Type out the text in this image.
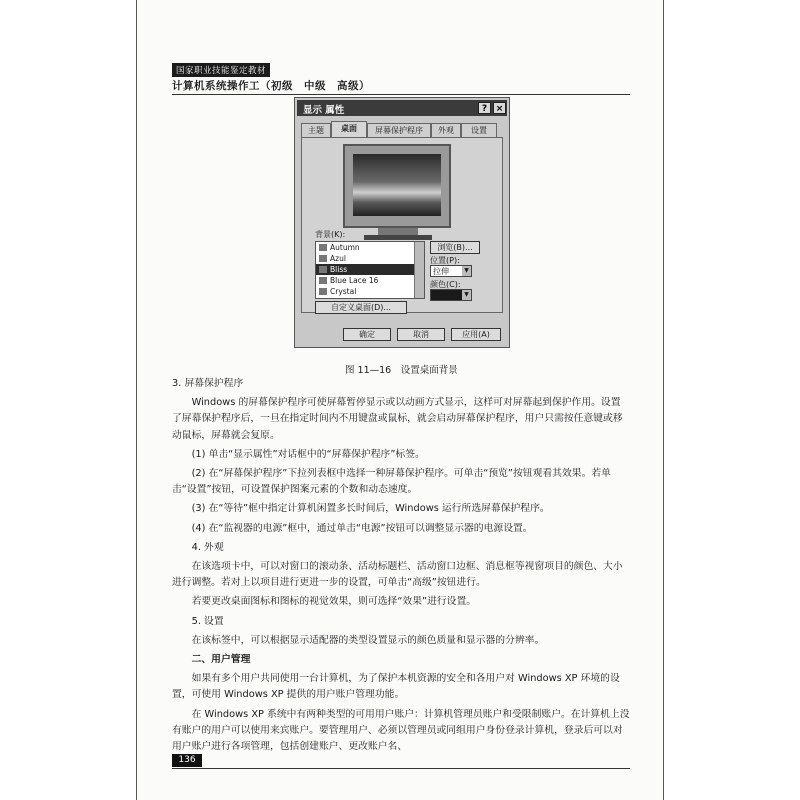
国家职业技能鉴定教材
计算机系统操作工（初级　中级　高级）
显示 属性	? ×
主题	桌面	屏幕保护程序	外观	设置
背景(K):
Autumn
Azul
Bliss
Blue Lace 16
Crystal
浏览(B)...
位置(P):
拉伸	▼
颜色(C):
▼
自定义桌面(D)...
确定	取消	应用(A)
图 11—16　设置桌面背景

3. 屏幕保护程序

Windows 的屏幕保护程序可使屏幕暂停显示或以动画方式显示，这样可对屏幕起到保护作用。设置了屏幕保护程序后，一旦在指定时间内不用键盘或鼠标，就会启动屏幕保护程序，用户只需按任意键或移动鼠标，屏幕就会复原。

(1) 单击“显示属性”对话框中的“屏幕保护程序”标签。

(2) 在“屏幕保护程序”下拉列表框中选择一种屏幕保护程序。可单击“预览”按钮观看其效果。若单击“设置”按钮，可设置保护图案元素的个数和动态速度。

(3) 在“等待”框中指定计算机闲置多长时间后，Windows 运行所选屏幕保护程序。

(4) 在“监视器的电源”框中，通过单击“电源”按钮可以调整显示器的电源设置。

4. 外观

在该选项卡中，可以对窗口的滚动条、活动标题栏、活动窗口边框、消息框等视窗项目的颜色、大小进行调整。若对上以项目进行更进一步的设置，可单击“高级”按钮进行。

若要更改桌面图标和图标的视觉效果，则可选择“效果”进行设置。

5. 设置

在该标签中，可以根据显示适配器的类型设置显示的颜色质量和显示器的分辨率。

二、用户管理

如果有多个用户共同使用一台计算机，为了保护本机资源的安全和各用户对 Windows XP 环境的设置，可使用 Windows XP 提供的用户账户管理功能。

在 Windows XP 系统中有两种类型的可用用户账户：计算机管理员账户和受限制账户。在计算机上没有账户的用户可以使用来宾账户。要管理用户、必须以管理员或同组用户身份登录计算机，登录后可以对用户账户进行各项管理，包括创建账户、更改账户名、

136
